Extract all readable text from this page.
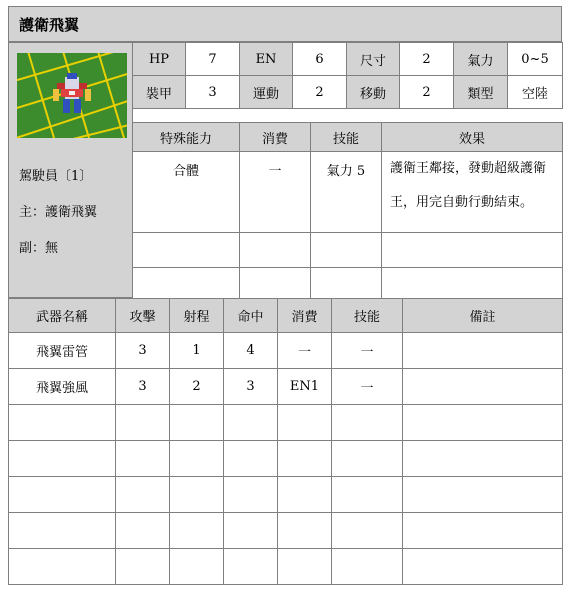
護衛飛翼
駕駛員〔1〕
主：護衛飛翼
副：無
HP	7	EN	6	尺寸	2	氣力	0~5
裝甲	3	運動	2	移動	2	類型	空陸
特殊能力	消費	技能	效果
合體	一	氣力 5	護衛王鄰接，發動超級護衛王，用完自動行動結束。

武器名稱	攻擊	射程	命中	消費	技能	備註
飛翼雷管	3	1	4	一	一	
飛翼強風	3	2	3	EN1	一	
